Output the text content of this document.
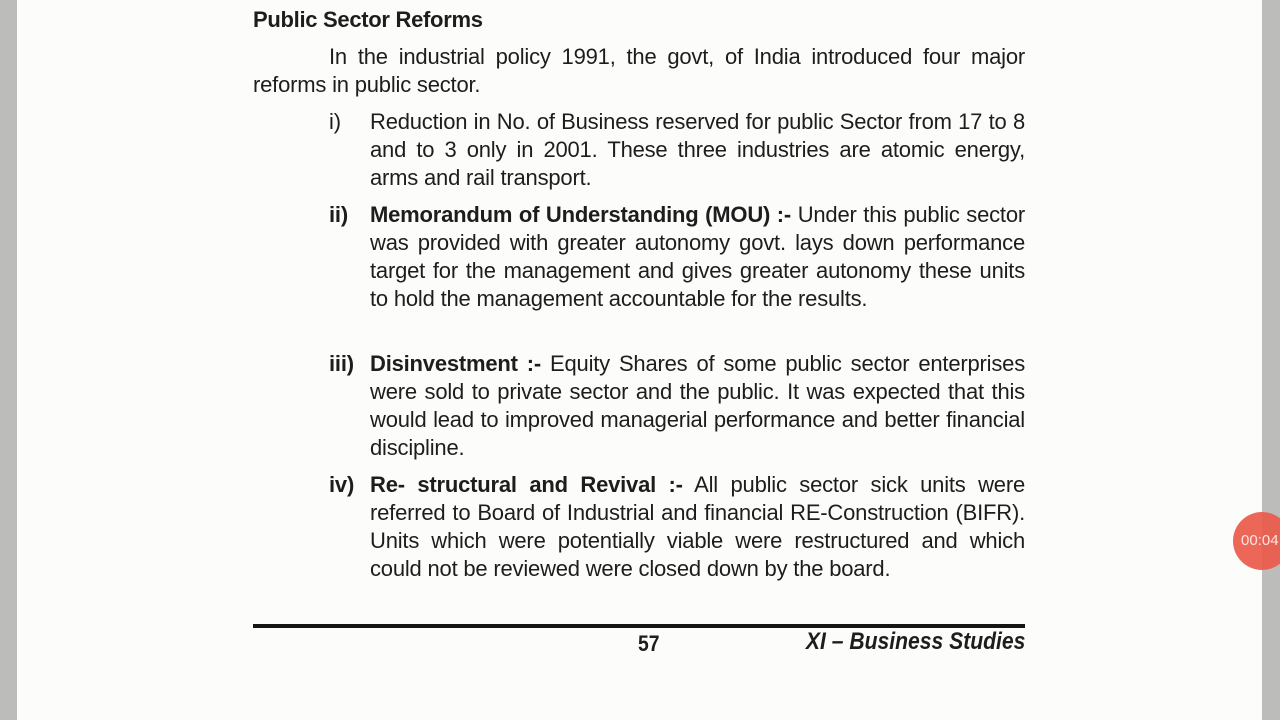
Public Sector Reforms
In the industrial policy 1991, the govt, of India introduced four major reforms in public sector.
i) Reduction in No. of Business reserved for public Sector from 17 to 8 and to 3 only in 2001. These three industries are atomic energy, arms and rail transport.
ii) Memorandum of Understanding (MOU) :- Under this public sector was provided with greater autonomy govt. lays down performance target for the management and gives greater autonomy these units to hold the management accountable for the results.
iii) Disinvestment :- Equity Shares of some public sector enterprises were sold to private sector and the public. It was expected that this would lead to improved managerial performance and better financial discipline.
iv) Re- structural and Revival :- All public sector sick units were referred to Board of Industrial and financial RE-Construction (BIFR). Units which were potentially viable were restructured and which could not be reviewed were closed down by the board.
57	XI – Business Studies
00:04
